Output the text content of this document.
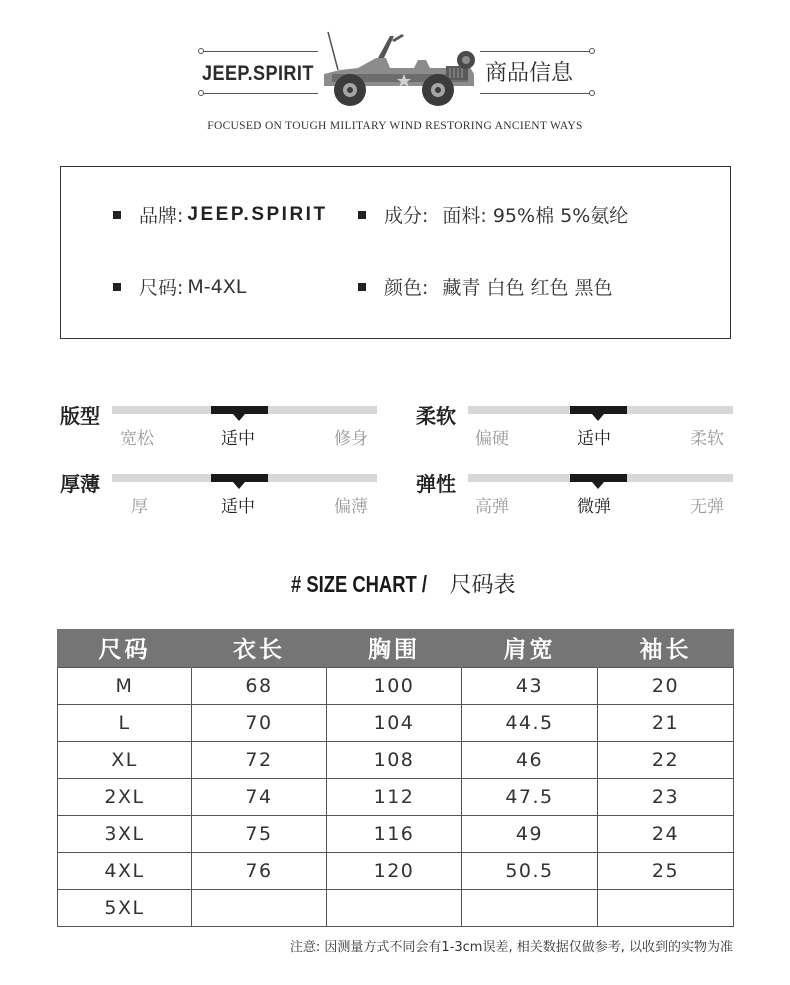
JEEP.SPIRIT	商品信息
FOCUSED ON TOUGH MILITARY WIND RESTORING ANCIENT WAYS
品牌: JEEP.SPIRIT	成分: 面料: 95%棉 5%氨纶
尺码: M-4XL	颜色: 藏青 白色 红色 黑色
版型
宽松	适中	修身
柔软
偏硬	适中	柔软
厚薄
厚	适中	偏薄
弹性
高弹	微弹	无弹
# SIZE CHART / 尺码表
尺码	衣长	胸围	肩宽	袖长
M	68	100	43	20
L	70	104	44.5	21
XL	72	108	46	22
2XL	74	112	47.5	23
3XL	75	116	49	24
4XL	76	120	50.5	25
5XL				
注意: 因测量方式不同会有1-3cm误差, 相关数据仅做参考, 以收到的实物为准
